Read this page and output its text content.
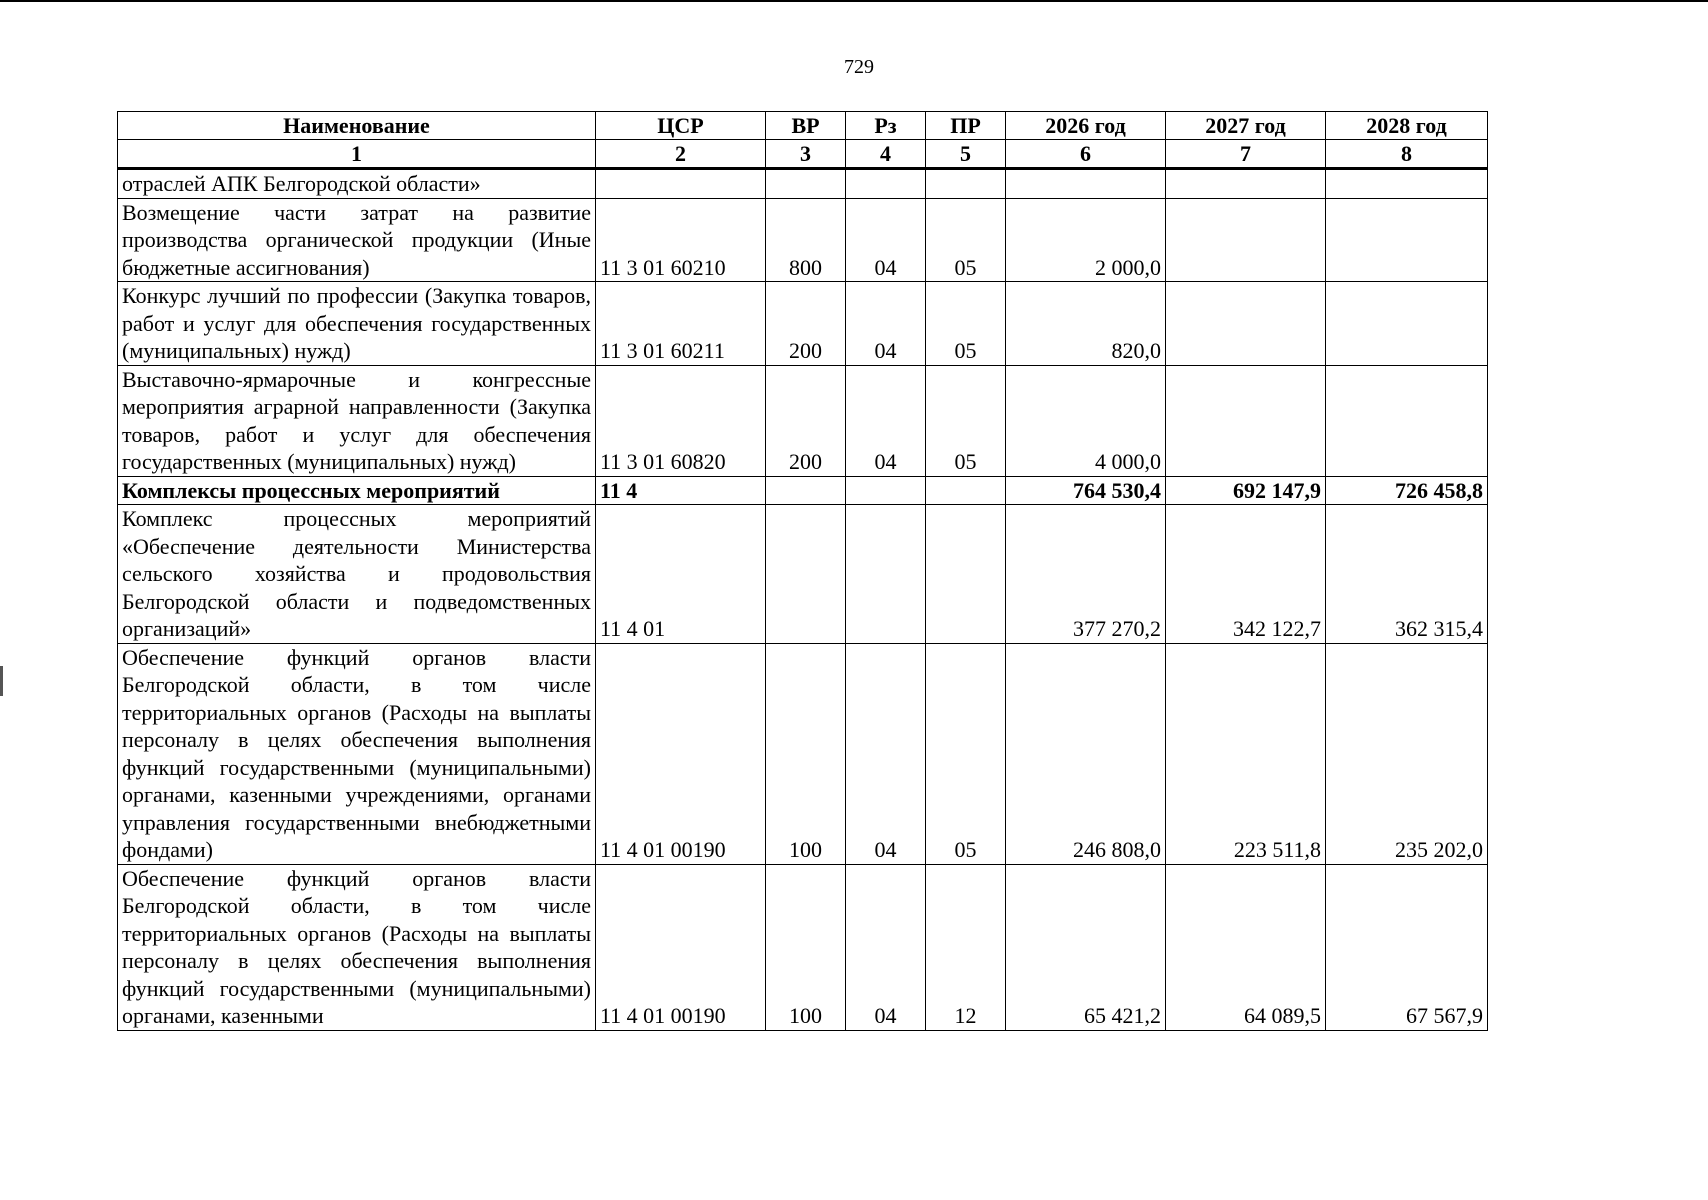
729
Наименование	ЦСР	ВР	Рз	ПР	2026 год	2027 год	2028 год
1	2	3	4	5	6	7	8
отраслей АПК Белгородской области»							
Возмещение части затрат на развитие производства органической продукции (Иные бюджетные ассигнования)	11 3 01 60210	800	04	05	2 000,0		
Конкурс лучший по профессии (Закупка товаров, работ и услуг для обеспечения государственных (муниципальных) нужд)	11 3 01 60211	200	04	05	820,0		
Выставочно-ярмарочные и конгрессные мероприятия аграрной направленности (Закупка товаров, работ и услуг для обеспечения государственных (муниципальных) нужд)	11 3 01 60820	200	04	05	4 000,0		
Комплексы процессных мероприятий	11 4				764 530,4	692 147,9	726 458,8
Комплекс процессных мероприятий «Обеспечение деятельности Министерства сельского хозяйства и продовольствия Белгородской области и подведомственных организаций»	11 4 01				377 270,2	342 122,7	362 315,4
Обеспечение функций органов власти Белгородской области, в том числе территориальных органов (Расходы на выплаты персоналу в целях обеспечения выполнения функций государственными (муниципальными) органами, казенными учреждениями, органами управления государственными внебюджетными фондами)	11 4 01 00190	100	04	05	246 808,0	223 511,8	235 202,0
Обеспечение функций органов власти Белгородской области, в том числе территориальных органов (Расходы на выплаты персоналу в целях обеспечения выполнения функций государственными (муниципальными) органами, казенными	11 4 01 00190	100	04	12	65 421,2	64 089,5	67 567,9
